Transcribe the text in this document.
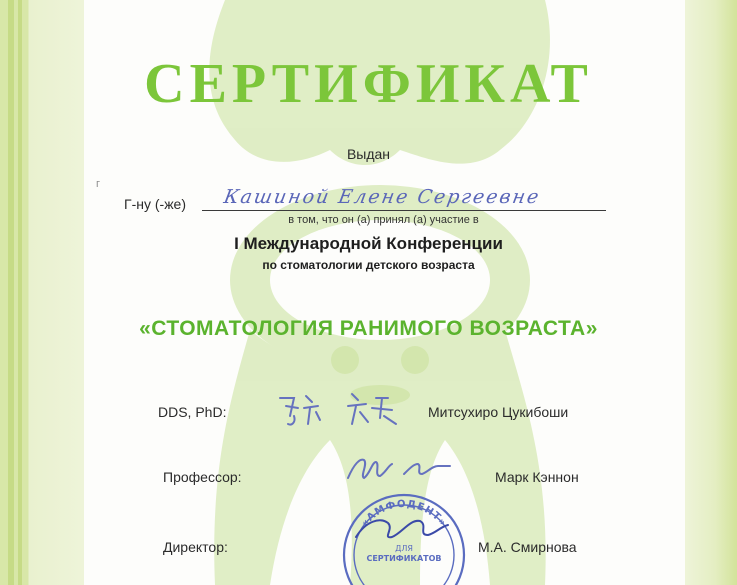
г
СЕРТИФИКАТ

Выдан

Г-ну (-же) Кашиной Елене Сергеевне

в том, что он (а) принял (а) участие в

I Международной Конференции

по стоматологии детского возраста

«СТОМАТОЛОГИЯ РАНИМОГО ВОЗРАСТА»

DDS, PhD:	Митсухиро Цукибоши
Профессор:	Марк Кэннон
Директор:	М.А. Смирнова
«АМФОДЕНТ»
ДЛЯ
СЕРТИФИКАТОВ
